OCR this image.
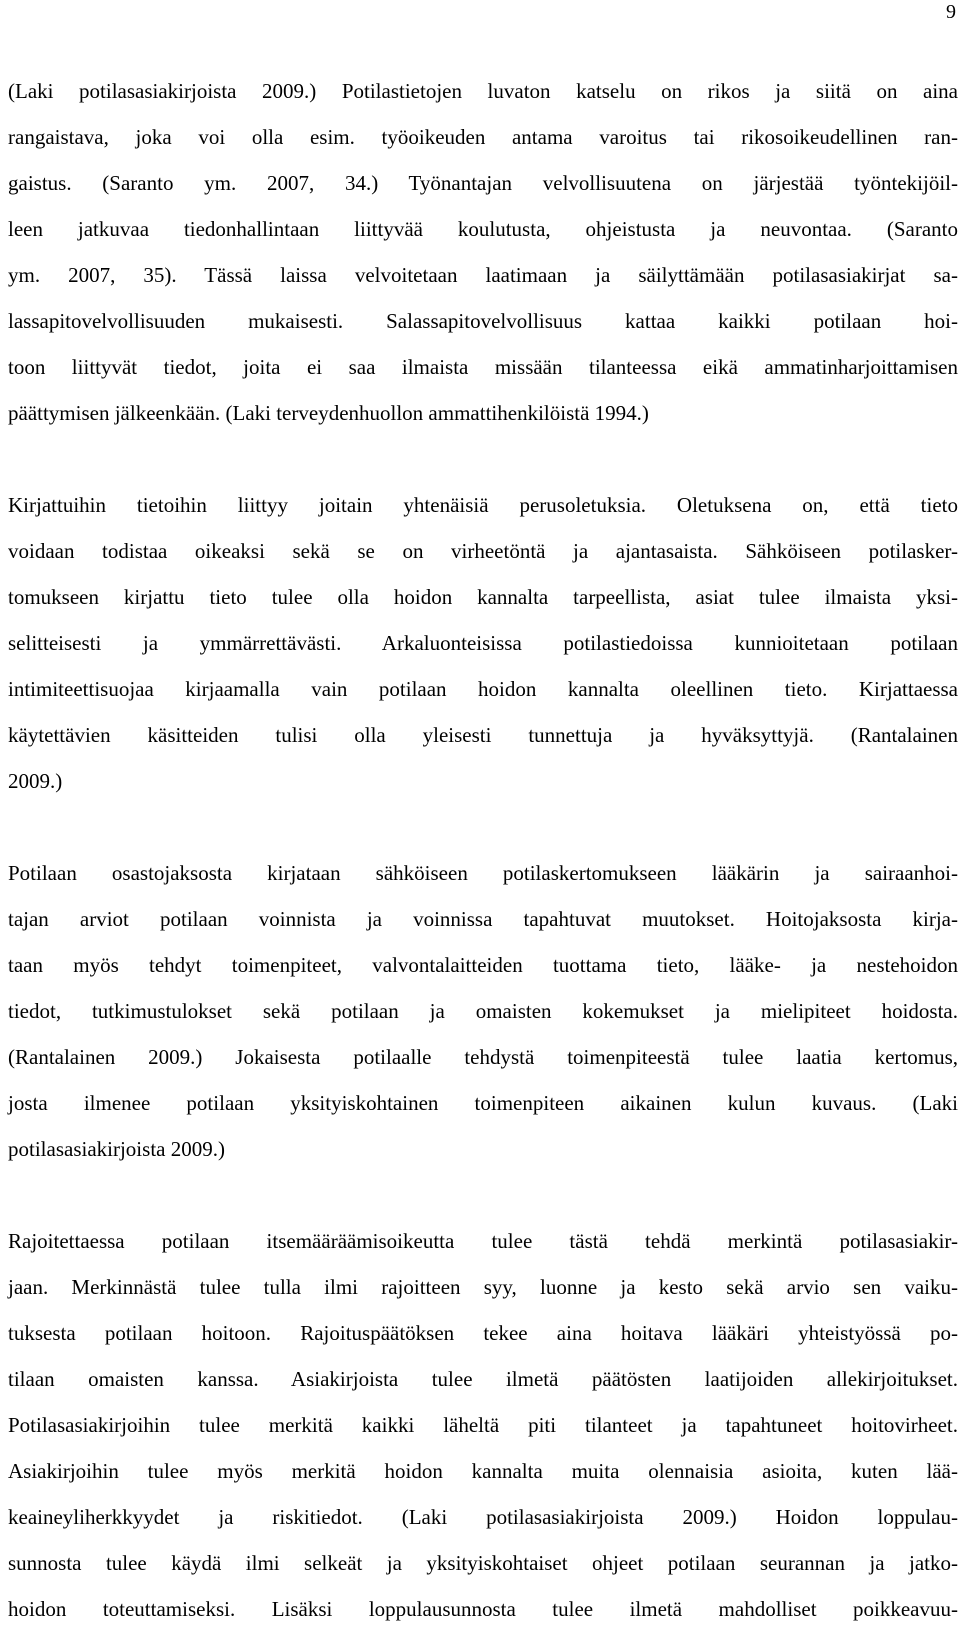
9
(Laki potilasasiakirjoista 2009.) Potilastietojen luvaton katselu on rikos ja siitä on aina
rangaistava, joka voi olla esim. työoikeuden antama varoitus tai rikosoikeudellinen ran-
gaistus. (Saranto ym. 2007, 34.) Työnantajan velvollisuutena on järjestää työntekijöil-
leen jatkuvaa tiedonhallintaan liittyvää koulutusta, ohjeistusta ja neuvontaa. (Saranto
ym. 2007, 35). Tässä laissa velvoitetaan laatimaan ja säilyttämään potilasasiakirjat sa-
lassapitovelvollisuuden mukaisesti. Salassapitovelvollisuus kattaa kaikki potilaan hoi-
toon liittyvät tiedot, joita ei saa ilmaista missään tilanteessa eikä ammatinharjoittamisen
päättymisen jälkeenkään. (Laki terveydenhuollon ammattihenkilöistä 1994.)
Kirjattuihin tietoihin liittyy joitain yhtenäisiä perusoletuksia. Oletuksena on, että tieto
voidaan todistaa oikeaksi sekä se on virheetöntä ja ajantasaista. Sähköiseen potilasker-
tomukseen kirjattu tieto tulee olla hoidon kannalta tarpeellista, asiat tulee ilmaista yksi-
selitteisesti ja ymmärrettävästi. Arkaluonteisissa potilastiedoissa kunnioitetaan potilaan
intimiteettisuojaa kirjaamalla vain potilaan hoidon kannalta oleellinen tieto. Kirjattaessa
käytettävien käsitteiden tulisi olla yleisesti tunnettuja ja hyväksyttyjä. (Rantalainen
2009.)
Potilaan osastojaksosta kirjataan sähköiseen potilaskertomukseen lääkärin ja sairaanhoi-
tajan arviot potilaan voinnista ja voinnissa tapahtuvat muutokset. Hoitojaksosta kirja-
taan myös tehdyt toimenpiteet, valvontalaitteiden tuottama tieto, lääke- ja nestehoidon
tiedot, tutkimustulokset sekä potilaan ja omaisten kokemukset ja mielipiteet hoidosta.
(Rantalainen 2009.) Jokaisesta potilaalle tehdystä toimenpiteestä tulee laatia kertomus,
josta ilmenee potilaan yksityiskohtainen toimenpiteen aikainen kulun kuvaus. (Laki
potilasasiakirjoista 2009.)
Rajoitettaessa potilaan itsemääräämisoikeutta tulee tästä tehdä merkintä potilasasiakir-
jaan. Merkinnästä tulee tulla ilmi rajoitteen syy, luonne ja kesto sekä arvio sen vaiku-
tuksesta potilaan hoitoon. Rajoituspäätöksen tekee aina hoitava lääkäri yhteistyössä po-
tilaan omaisten kanssa. Asiakirjoista tulee ilmetä päätösten laatijoiden allekirjoitukset.
Potilasasiakirjoihin tulee merkitä kaikki läheltä piti tilanteet ja tapahtuneet hoitovirheet.
Asiakirjoihin tulee myös merkitä hoidon kannalta muita olennaisia asioita, kuten lää-
keaineyliherkkyydet ja riskitiedot. (Laki potilasasiakirjoista 2009.) Hoidon loppulau-
sunnosta tulee käydä ilmi selkeät ja yksityiskohtaiset ohjeet potilaan seurannan ja jatko-
hoidon toteuttamiseksi. Lisäksi loppulausunnosta tulee ilmetä mahdolliset poikkeavuu-
